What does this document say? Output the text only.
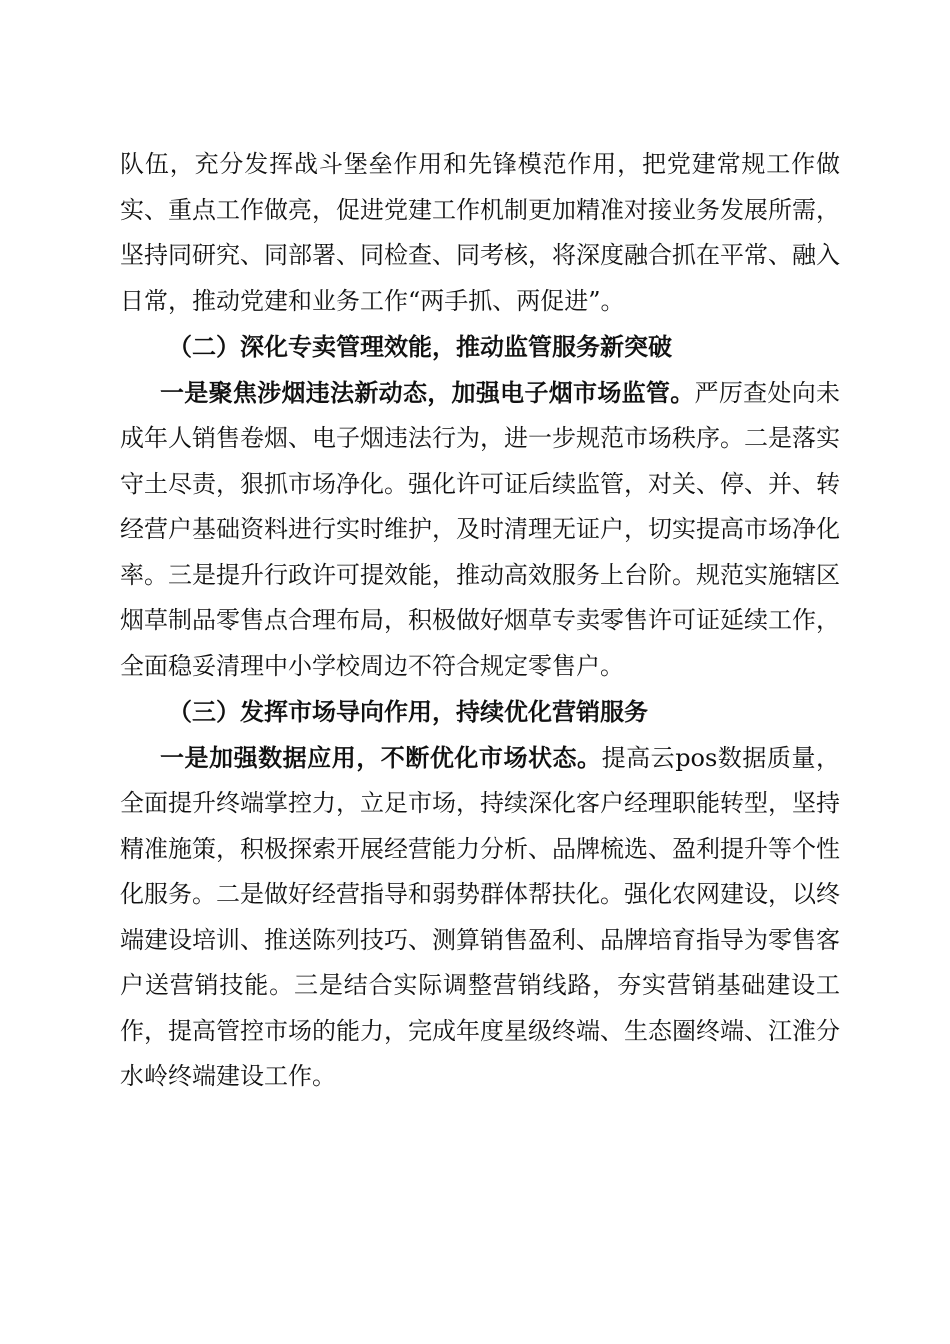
队伍，充分发挥战斗堡垒作用和先锋模范作用，把党建常规工作做实、重点工作做亮，促进党建工作机制更加精准对接业务发展所需，坚持同研究、同部署、同检查、同考核，将深度融合抓在平常、融入日常，推动党建和业务工作“两手抓、两促进”。

（二）深化专卖管理效能，推动监管服务新突破

一是聚焦涉烟违法新动态，加强电子烟市场监管。严厉查处向未成年人销售卷烟、电子烟违法行为，进一步规范市场秩序。二是落实守土尽责，狠抓市场净化。强化许可证后续监管，对关、停、并、转经营户基础资料进行实时维护，及时清理无证户，切实提高市场净化率。三是提升行政许可提效能，推动高效服务上台阶。规范实施辖区烟草制品零售点合理布局，积极做好烟草专卖零售许可证延续工作，全面稳妥清理中小学校周边不符合规定零售户。

（三）发挥市场导向作用，持续优化营销服务

一是加强数据应用，不断优化市场状态。提高云pos数据质量，全面提升终端掌控力，立足市场，持续深化客户经理职能转型，坚持精准施策，积极探索开展经营能力分析、品牌梳选、盈利提升等个性化服务。二是做好经营指导和弱势群体帮扶化。强化农网建设，以终端建设培训、推送陈列技巧、测算销售盈利、品牌培育指导为零售客户送营销技能。三是结合实际调整营销线路，夯实营销基础建设工作，提高管控市场的能力，完成年度星级终端、生态圈终端、江淮分水岭终端建设工作。
